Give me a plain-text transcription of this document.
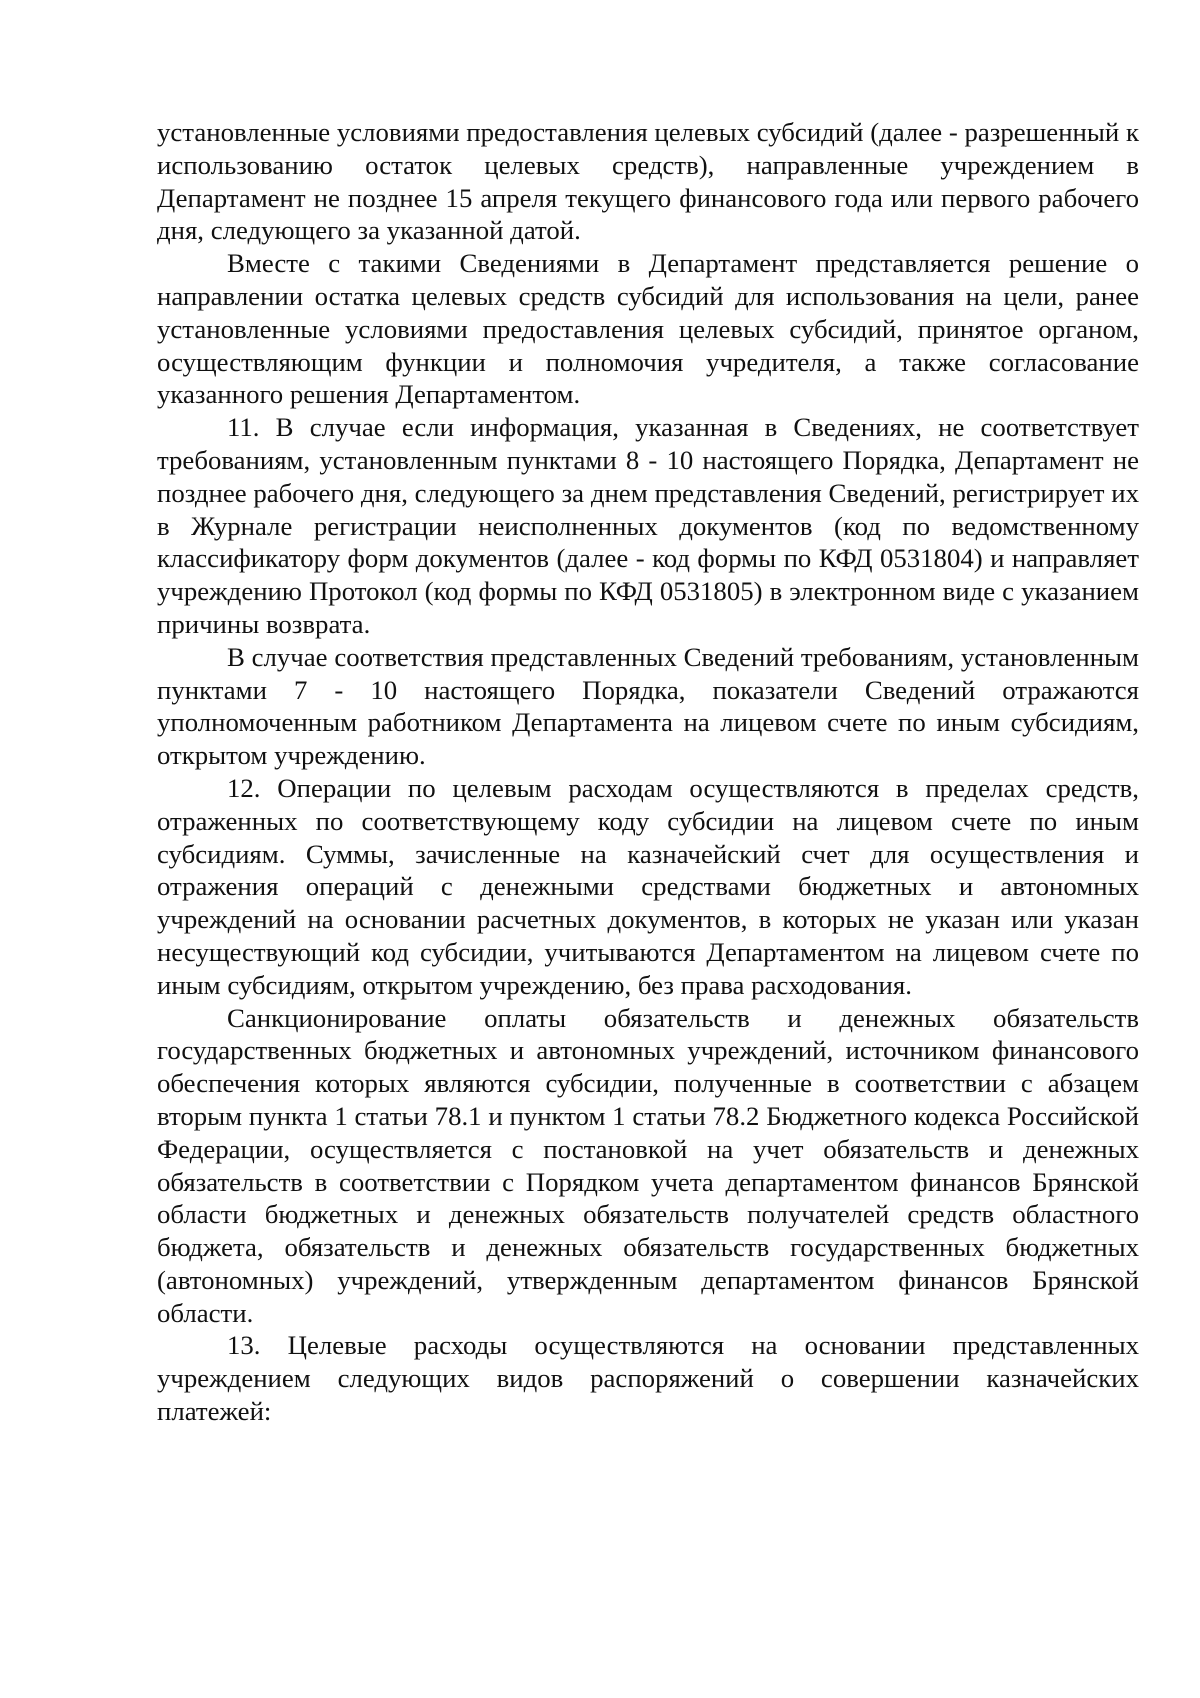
установленные условиями предоставления целевых субсидий (далее - разрешенный к использованию остаток целевых средств), направленные учреждением в Департамент не позднее 15 апреля текущего финансового года или первого рабочего дня, следующего за указанной датой.

Вместе с такими Сведениями в Департамент представляется решение о направлении остатка целевых средств субсидий для использования на цели, ранее установленные условиями предоставления целевых субсидий, принятое органом, осуществляющим функции и полномочия учредителя, а также согласование указанного решения Департаментом.

11. В случае если информация, указанная в Сведениях, не соответствует требованиям, установленным пунктами 8 - 10 настоящего Порядка, Департамент не позднее рабочего дня, следующего за днем представления Сведений, регистрирует их в Журнале регистрации неисполненных документов (код по ведомственному классификатору форм документов (далее - код формы по КФД 0531804) и направляет учреждению Протокол (код формы по КФД 0531805) в электронном виде с указанием причины возврата.

В случае соответствия представленных Сведений требованиям, установленным пунктами 7 - 10 настоящего Порядка, показатели Сведений отражаются уполномоченным работником Департамента на лицевом счете по иным субсидиям, открытом учреждению.

12. Операции по целевым расходам осуществляются в пределах средств, отраженных по соответствующему коду субсидии на лицевом счете по иным субсидиям. Суммы, зачисленные на казначейский счет для осуществления и отражения операций с денежными средствами бюджетных и автономных учреждений на основании расчетных документов, в которых не указан или указан несуществующий код субсидии, учитываются Департаментом на лицевом счете по иным субсидиям, открытом учреждению, без права расходования.

Санкционирование оплаты обязательств и денежных обязательств государственных бюджетных и автономных учреждений, источником финансового обеспечения которых являются субсидии, полученные в соответствии с абзацем вторым пункта 1 статьи 78.1 и пунктом 1 статьи 78.2 Бюджетного кодекса Российской Федерации, осуществляется с постановкой на учет обязательств и денежных обязательств в соответствии с Порядком учета департаментом финансов Брянской области бюджетных и денежных обязательств получателей средств областного бюджета, обязательств и денежных обязательств государственных бюджетных (автономных) учреждений, утвержденным департаментом финансов Брянской области.

13. Целевые расходы осуществляются на основании представленных учреждением следующих видов распоряжений о совершении казначейских платежей:
